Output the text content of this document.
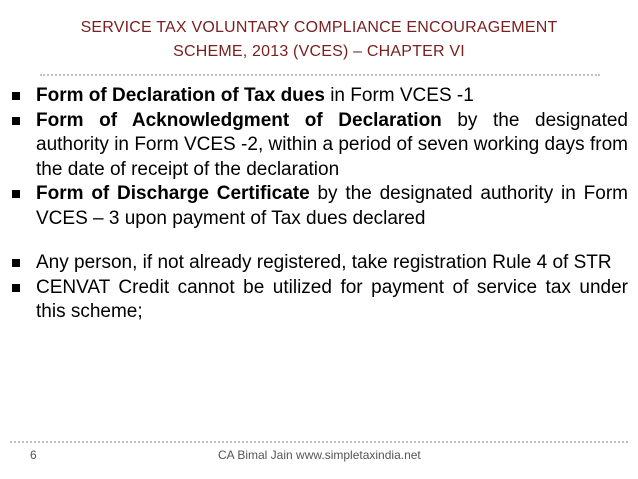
SERVICE TAX VOLUNTARY COMPLIANCE ENCOURAGEMENT
SCHEME, 2013 (VCES) – CHAPTER VI
Form of Declaration of Tax dues in Form VCES -1
Form of Acknowledgment of Declaration by the designated authority in Form VCES -2, within a period of seven working days from the date of receipt of the declaration
Form of Discharge Certificate by the designated authority in Form VCES – 3 upon payment of Tax dues declared
Any person, if not already registered, take registration Rule 4 of STR
CENVAT Credit cannot be utilized for payment of service tax under this scheme;
6	CA Bimal Jain www.simpletaxindia.net
